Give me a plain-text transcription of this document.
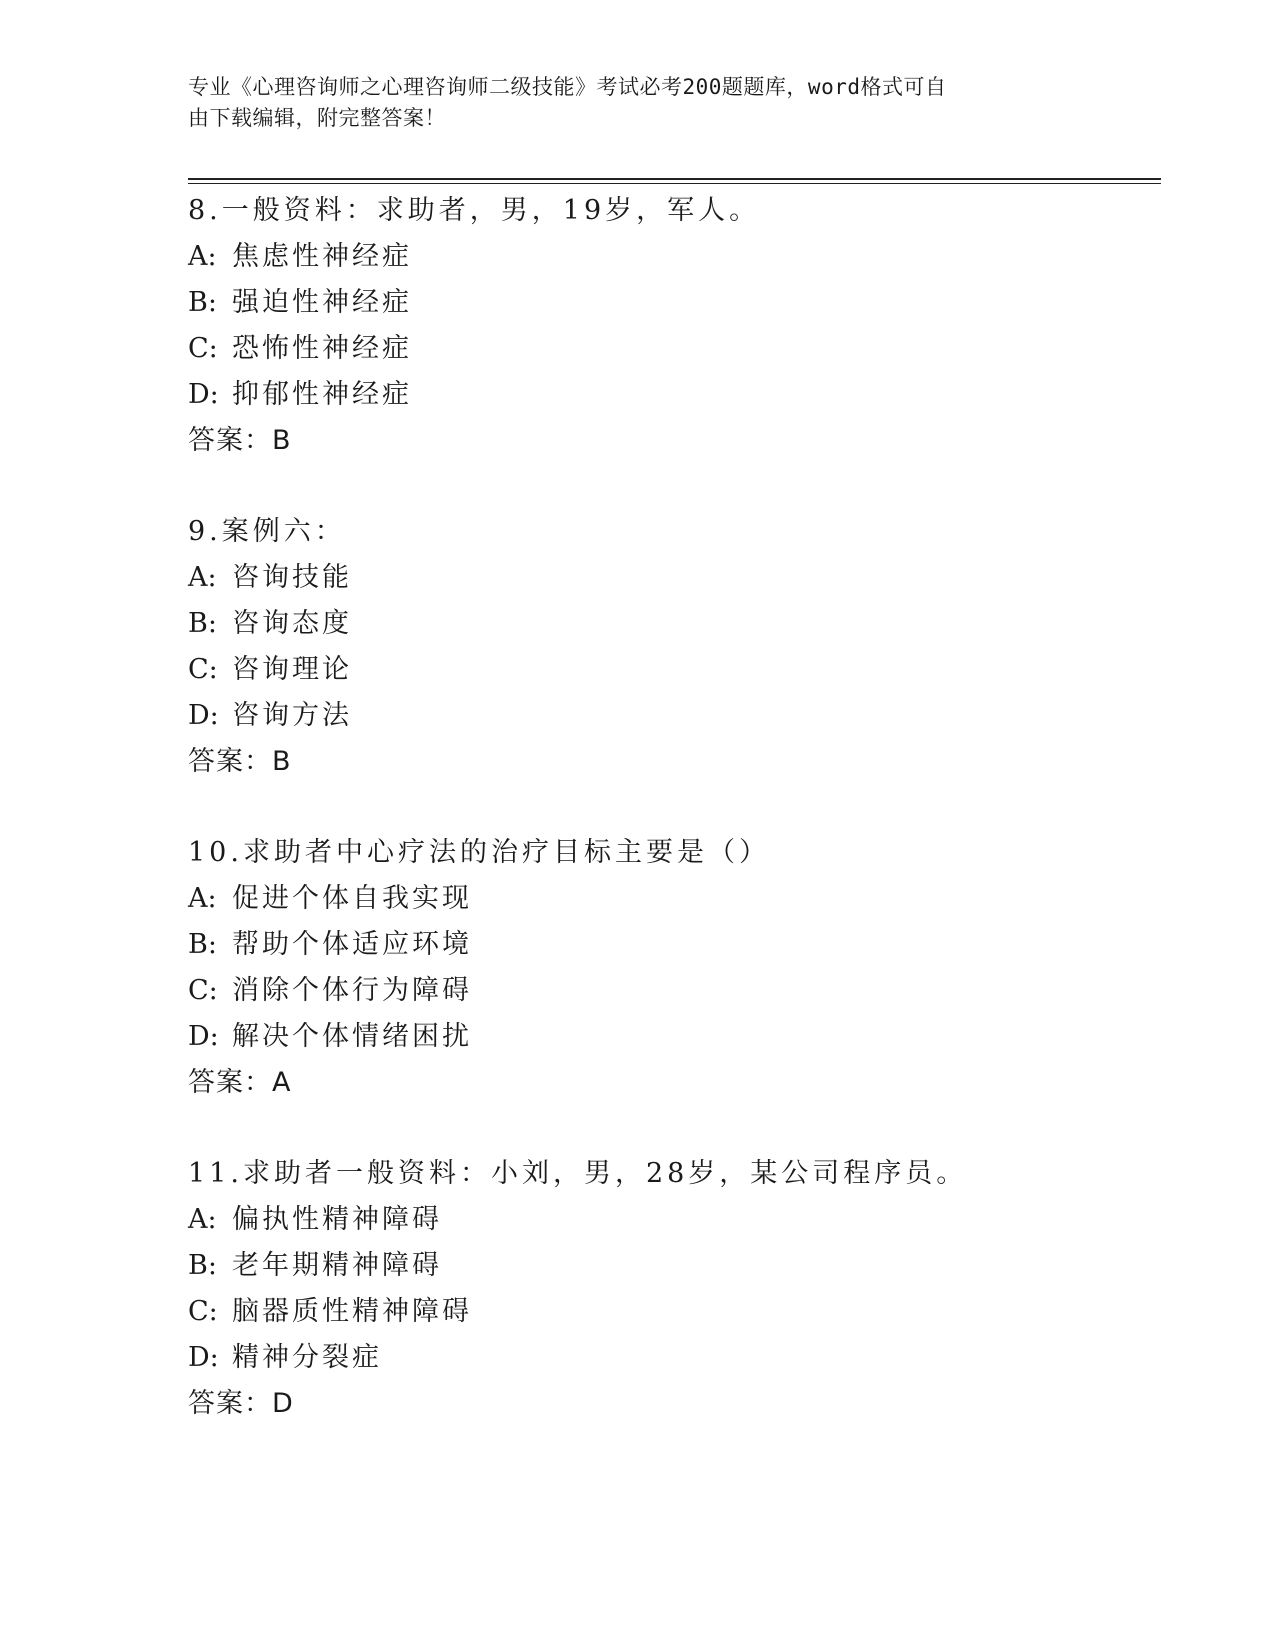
专业《心理咨询师之心理咨询师二级技能》考试必考200题题库，word格式可自
由下载编辑，附完整答案！
8.一般资料：求助者，男，19岁，军人。
A: 焦虑性神经症
B: 强迫性神经症
C: 恐怖性神经症
D: 抑郁性神经症
答案：B
9.案例六：
A: 咨询技能
B: 咨询态度
C: 咨询理论
D: 咨询方法
答案：B
10.求助者中心疗法的治疗目标主要是（）
A: 促进个体自我实现
B: 帮助个体适应环境
C: 消除个体行为障碍
D: 解决个体情绪困扰
答案：A
11.求助者一般资料：小刘，男，28岁，某公司程序员。
A: 偏执性精神障碍
B: 老年期精神障碍
C: 脑器质性精神障碍
D: 精神分裂症
答案：D
